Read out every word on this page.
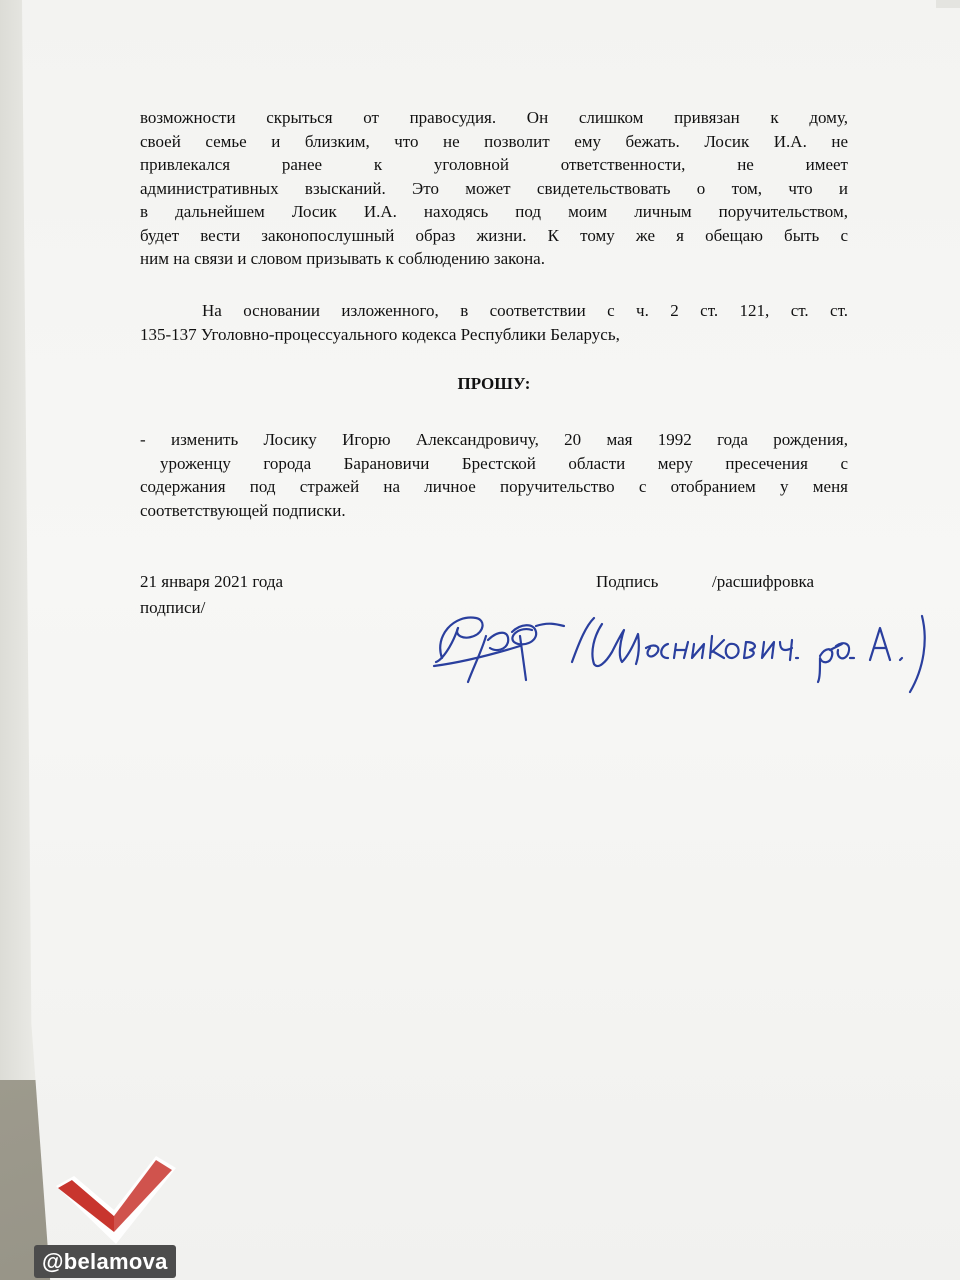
возможности скрыться от правосудия. Он слишком привязан к дому,
своей семье и близким, что не позволит ему бежать. Лосик И.А. не
привлекался ранее к уголовной ответственности, не имеет
административных взысканий. Это может свидетельствовать о том, что и
в дальнейшем Лосик И.А. находясь под моим личным поручительством,
будет вести законопослушный образ жизни. К тому же я обещаю быть с
ним на связи и словом призывать к соблюдению закона.
На основании изложенного, в соответствии с ч. 2 ст. 121, ст. ст.
135-137 Уголовно-процессуального кодекса Республики Беларусь,
ПРОШУ:
- изменить Лосику Игорю Александровичу, 20 мая 1992 года рождения,
уроженцу города Барановичи Брестской области меру пресечения с
содержания под стражей на личное поручительство с отобранием у меня
соответствующей подписки.
21 января 2021 года	Подпись	/расшифровка
подписи/
@belamova
